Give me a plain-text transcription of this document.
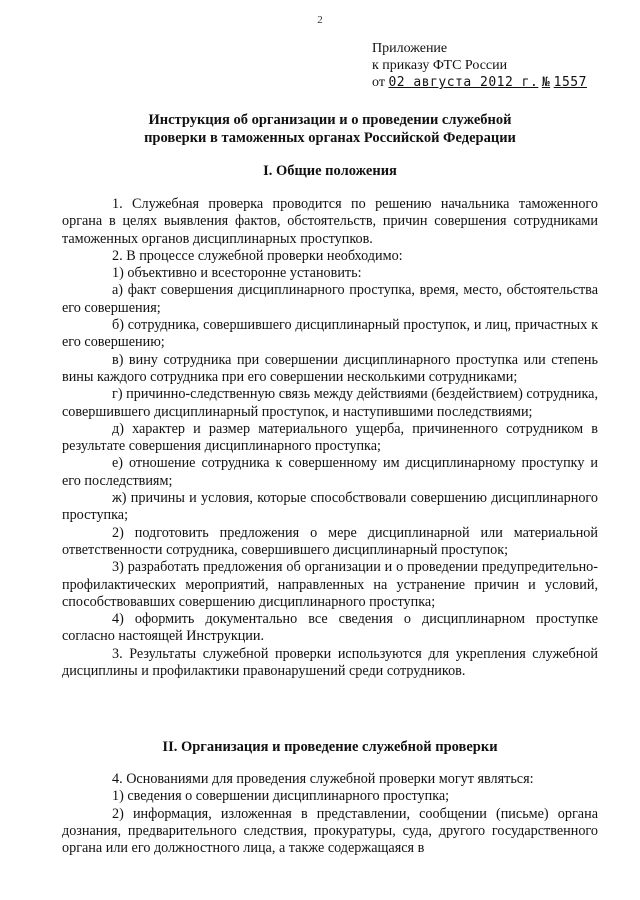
2
Приложение
к приказу ФТС России
от 02 августа 2012 г. № 1557
Инструкция об организации и о проведении служебной
проверки в таможенных органах Российской Федерации
I. Общие положения

1. Служебная проверка проводится по решению начальника таможенного органа в целях выявления фактов, обстоятельств, причин совершения сотрудниками таможенных органов дисциплинарных проступков.

2. В процессе служебной проверки необходимо:

1) объективно и всесторонне установить:

а) факт совершения дисциплинарного проступка, время, место, обстоятельства его совершения;

б) сотрудника, совершившего дисциплинарный проступок, и лиц, причастных к его совершению;

в) вину сотрудника при совершении дисциплинарного проступка или степень вины каждого сотрудника при его совершении несколькими сотрудниками;

г) причинно-следственную связь между действиями (бездействием) сотрудника, совершившего дисциплинарный проступок, и наступившими последствиями;

д) характер и размер материального ущерба, причиненного сотрудником в результате совершения дисциплинарного проступка;

е) отношение сотрудника к совершенному им дисциплинарному проступку и его последствиям;

ж) причины и условия, которые способствовали совершению дисциплинарного проступка;

2) подготовить предложения о мере дисциплинарной или материальной ответственности сотрудника, совершившего дисциплинарный проступок;

3) разработать предложения об организации и о проведении предупредительно-профилактических мероприятий, направленных на устранение причин и условий, способствовавших совершению дисциплинарного проступка;

4) оформить документально все сведения о дисциплинарном проступке согласно настоящей Инструкции.

3. Результаты служебной проверки используются для укрепления служебной дисциплины и профилактики правонарушений среди сотрудников.

II. Организация и проведение служебной проверки

4. Основаниями для проведения служебной проверки могут являться:

1) сведения о совершении дисциплинарного проступка;

2) информация, изложенная в представлении, сообщении (письме) органа дознания, предварительного следствия, прокуратуры, суда, другого государственного органа или его должностного лица, а также содержащаяся в
